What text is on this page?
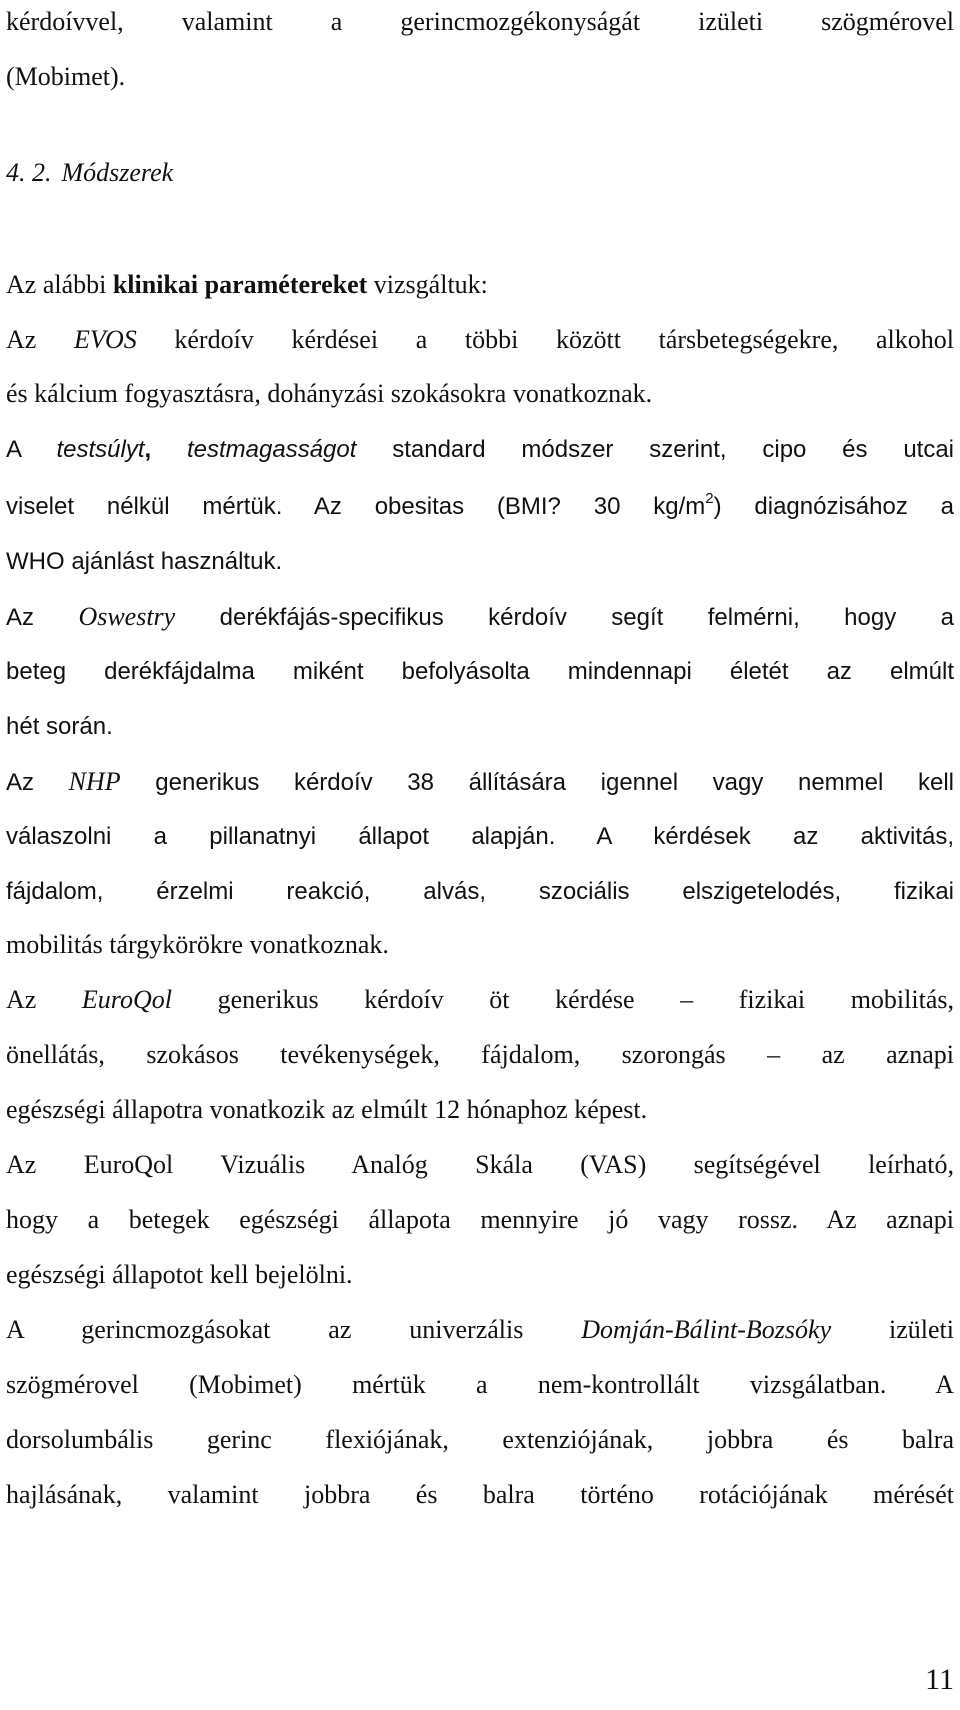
kérdoívvel, valamint a gerincmozgékonyságát izületi szögmérovel
(Mobimet).
4. 2. Módszerek
Az alábbi klinikai paramétereket vizsgáltuk:
Az EVOS kérdoív kérdései a többi között társbetegségekre, alkohol
és kálcium fogyasztásra, dohányzási szokásokra vonatkoznak.
A testsúlyt, testmagasságot standard módszer szerint, cipo és utcai
viselet nélkül mértük. Az obesitas (BMI? 30 $kg/m^2$) diagnózisához a
WHO ajánlást használtuk.
Az Oswestry derékfájás-specifikus kérdoív segít felmérni, hogy a
beteg derékfájdalma miként befolyásolta mindennapi életét az elmúlt
hét során.
Az NHP generikus kérdoív 38 állítására igennel vagy nemmel kell
válaszolni a pillanatnyi állapot alapján. A kérdések az aktivitás,
fájdalom, érzelmi reakció, alvás, szociális elszigetelodés, fizikai
mobilitás tárgykörökre vonatkoznak.
Az EuroQol generikus kérdoív öt kérdése – fizikai mobilitás,
önellátás, szokásos tevékenységek, fájdalom, szorongás – az aznapi
egészségi állapotra vonatkozik az elmúlt 12 hónaphoz képest.
Az EuroQol Vizuális Analóg Skála (VAS) segítségével leírható,
hogy a betegek egészségi állapota mennyire jó vagy rossz. Az aznapi
egészségi állapotot kell bejelölni.
A gerincmozgásokat az univerzális Domján-Bálint-Bozsóky izületi
szögmérovel (Mobimet) mértük a nem-kontrollált vizsgálatban. A
dorsolumbális gerinc flexiójának, extenziójának, jobbra és balra
hajlásának, valamint jobbra és balra történo rotációjának mérését
11
